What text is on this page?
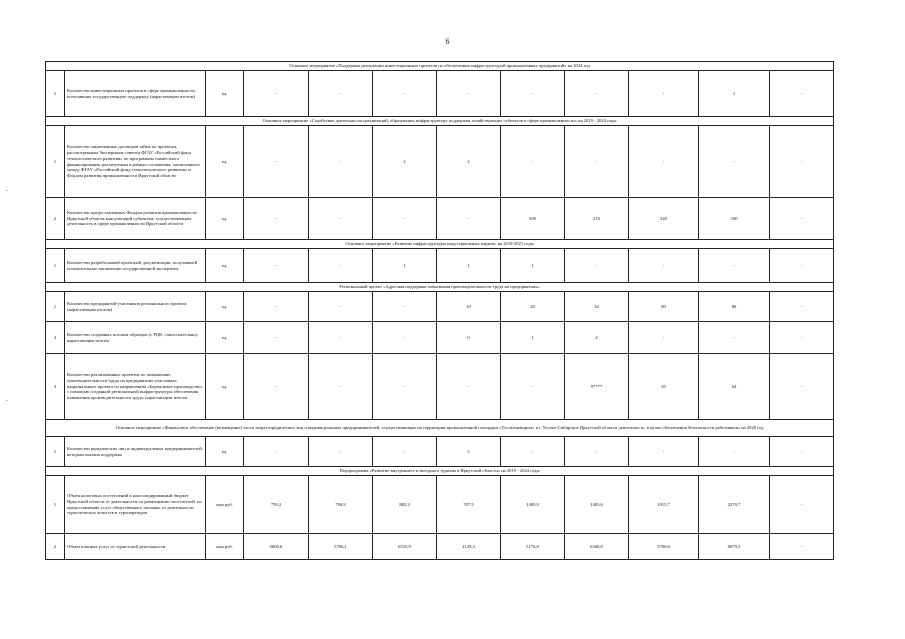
6
-
-
Основное мероприятие «Поддержка реализации инвестиционных проектов по обеспечению инфраструктурой промышленных предприятий» на 2024 год											
1	Количество инвестиционных проектов в сфере промышленности, получивших государственную поддержку (нарастающим итогом)	ед.	-	-	-	-	-	-	-	1	-
Основное мероприятие «Содействие деятельности организаций, образующих инфраструктуру поддержки хозяйствующих субъектов в сфере промышленности» на 2019 - 2024 годы											
1	Количество заключенных договоров займа по проектам, рассмотренным Экспертным советом ФГАУ «Российский фонд технологического развития» по программам совместного финансирования, реализуемым в рамках соглашения, заключенного между ФГАУ «Российский фонд технологического развития» и Фондом развития промышленности Иркутской области	ед.	-	-	2	2	-	-	-	-	-
2	Количество предоставленных Фондом развития промышленности Иркутской области консультаций субъектам, осуществляющим деятельность в сфере промышленности Иркутской области	ед.	-	-	-	-	300	310	320	330	-
Основное мероприятие «Развитие инфраструктуры индустриальных парков» на 2019-2021 годы											
1	Количество разработанной проектной документации, получившей положительное заключение государственной экспертизы	ед.	-	-	1	1	1	-	-	-	-
Региональный проект «Адресная поддержка повышения производительности труда на предприятиях»											
1	Количество предприятий-участников регионального проекта (нарастающим итогом)	ед.	-	-	-	10	20	34	60	86	-
2	Количество созданных потоков-образцов (с РЦК, самостоятельно), нарастающим итогом	ед.	-	-	-	0	1	4	-	-	-
3	Количество реализованных проектов по повышению производительности труда на предприятиях-участниках национального проекта по направлению «Бережливое производство» с помощью созданной региональной инфраструктуры обеспечения повышения производительности труда, нарастающим итогом	ед.	-	-	-	-	-	9****	35	64	-
Основное мероприятие «Финансовое обеспечение (возмещение) части затрат юридических лиц и индивидуальных предпринимателей, осуществляющих на территории промышленной площадки «Усольехимпром» в г. Усолье-Сибирское Иркутской области деятельность, в целях обеспечения безопасности работников» на 2020 год											
1	Количество юридических лиц и индивидуальных предпринимателей, которым оказана поддержка	ед.	-	-	-	5	-	-	-	-	-
Подпрограмма «Развитие внутреннего и въездного туризма в Иркутской области» на 2019 - 2024 годы											
1	Объем налоговых поступлений в консолидированный бюджет Иркутской области от деятельности по размещению посетителей, по предоставлению услуг общественного питания, от деятельности туристических агентств и туроператоров	млн руб.	759,2	794,9	882,3	707,5	1409,9	1403,6	1915,7	2270,7	-
2	Объем платных услуг от туристской деятельности	млн руб.	5600,6	5706,1	6535,9	2129,3	5176,8	6340,0	5790,6	6879,3	-
